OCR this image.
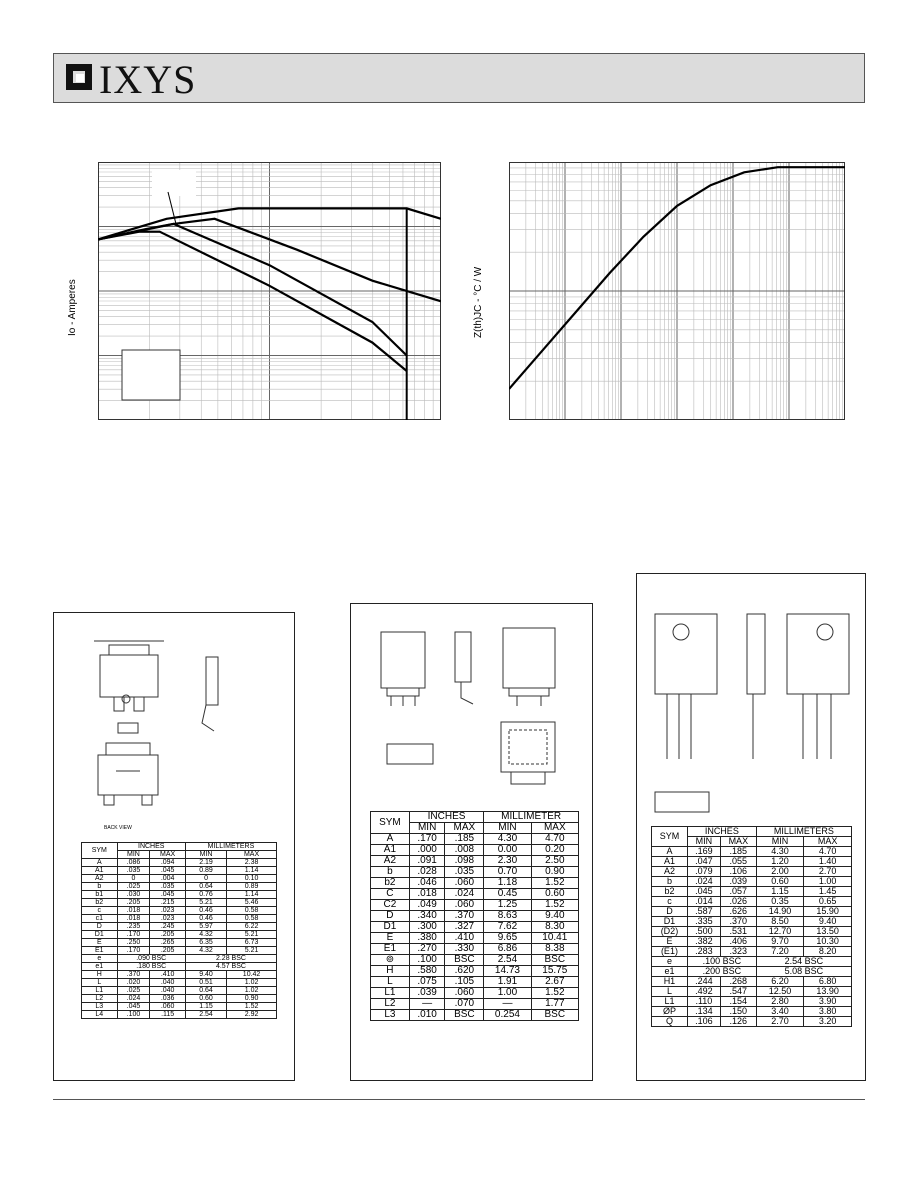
IXYS
Io - Amperes	Z(th)JC - °C / W
BACK VIEW
SYM	INCHES		MILLIMETERS	
	MIN	MAX	MIN	MAX
A	.086	.094	2.19	2.38
A1	.035	.045	0.89	1.14
A2	0	.004	0	0.10
b	.025	.035	0.64	0.89
b1	.030	.045	0.76	1.14
b2	.205	.215	5.21	5.46
c	.018	.023	0.46	0.58
c1	.018	.023	0.46	0.58
D	.235	.245	5.97	6.22
D1	.170	.205	4.32	5.21
E	.250	.265	6.35	6.73
E1	.170	.205	4.32	5.21
e	.090 BSC		2.28 BSC	
e1	.180 BSC		4.57 BSC	
H	.370	.410	9.40	10.42
L	.020	.040	0.51	1.02
L1	.025	.040	0.64	1.02
L2	.024	.036	0.60	0.90
L3	.045	.060	1.15	1.52
L4	.100	.115	2.54	2.92
SYM	INCHES		MILLIMETER	
	MIN	MAX	MIN	MAX
A	.170	.185	4.30	4.70
A1	.000	.008	0.00	0.20
A2	.091	.098	2.30	2.50
b	.028	.035	0.70	0.90
b2	.046	.060	1.18	1.52
C	.018	.024	0.45	0.60
C2	.049	.060	1.25	1.52
D	.340	.370	8.63	9.40
D1	.300	.327	7.62	8.30
E	.380	.410	9.65	10.41
E1	.270	.330	6.86	8.38
⊚	.100	BSC	2.54	BSC
H	.580	.620	14.73	15.75
L	.075	.105	1.91	2.67
L1	.039	.060	1.00	1.52
L2	—	.070	—	1.77
L3	.010	BSC	0.254	BSC
SYM	INCHES		MILLIMETERS	
	MIN	MAX	MIN	MAX
A	.169	.185	4.30	4.70
A1	.047	.055	1.20	1.40
A2	.079	.106	2.00	2.70
b	.024	.039	0.60	1.00
b2	.045	.057	1.15	1.45
c	.014	.026	0.35	0.65
D	.587	.626	14.90	15.90
D1	.335	.370	8.50	9.40
(D2)	.500	.531	12.70	13.50
E	.382	.406	9.70	10.30
(E1)	.283	.323	7.20	8.20
e	.100 BSC		2.54 BSC	
e1	.200 BSC		5.08 BSC	
H1	.244	.268	6.20	6.80
L	.492	.547	12.50	13.90
L1	.110	.154	2.80	3.90
ØP	.134	.150	3.40	3.80
Q	.106	.126	2.70	3.20
